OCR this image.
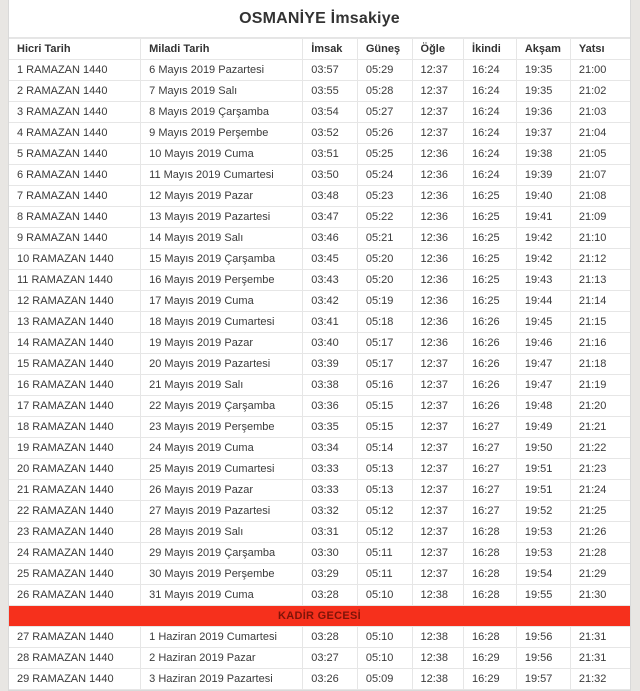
OSMANİYE İmsakiye
Hicri Tarih	Miladi Tarih	İmsak	Güneş	Öğle	İkindi	Akşam	Yatsı
1 RAMAZAN 1440	6 Mayıs 2019 Pazartesi	03:57	05:29	12:37	16:24	19:35	21:00
2 RAMAZAN 1440	7 Mayıs 2019 Salı	03:55	05:28	12:37	16:24	19:35	21:02
3 RAMAZAN 1440	8 Mayıs 2019 Çarşamba	03:54	05:27	12:37	16:24	19:36	21:03
4 RAMAZAN 1440	9 Mayıs 2019 Perşembe	03:52	05:26	12:37	16:24	19:37	21:04
5 RAMAZAN 1440	10 Mayıs 2019 Cuma	03:51	05:25	12:36	16:24	19:38	21:05
6 RAMAZAN 1440	11 Mayıs 2019 Cumartesi	03:50	05:24	12:36	16:24	19:39	21:07
7 RAMAZAN 1440	12 Mayıs 2019 Pazar	03:48	05:23	12:36	16:25	19:40	21:08
8 RAMAZAN 1440	13 Mayıs 2019 Pazartesi	03:47	05:22	12:36	16:25	19:41	21:09
9 RAMAZAN 1440	14 Mayıs 2019 Salı	03:46	05:21	12:36	16:25	19:42	21:10
10 RAMAZAN 1440	15 Mayıs 2019 Çarşamba	03:45	05:20	12:36	16:25	19:42	21:12
11 RAMAZAN 1440	16 Mayıs 2019 Perşembe	03:43	05:20	12:36	16:25	19:43	21:13
12 RAMAZAN 1440	17 Mayıs 2019 Cuma	03:42	05:19	12:36	16:25	19:44	21:14
13 RAMAZAN 1440	18 Mayıs 2019 Cumartesi	03:41	05:18	12:36	16:26	19:45	21:15
14 RAMAZAN 1440	19 Mayıs 2019 Pazar	03:40	05:17	12:36	16:26	19:46	21:16
15 RAMAZAN 1440	20 Mayıs 2019 Pazartesi	03:39	05:17	12:37	16:26	19:47	21:18
16 RAMAZAN 1440	21 Mayıs 2019 Salı	03:38	05:16	12:37	16:26	19:47	21:19
17 RAMAZAN 1440	22 Mayıs 2019 Çarşamba	03:36	05:15	12:37	16:26	19:48	21:20
18 RAMAZAN 1440	23 Mayıs 2019 Perşembe	03:35	05:15	12:37	16:27	19:49	21:21
19 RAMAZAN 1440	24 Mayıs 2019 Cuma	03:34	05:14	12:37	16:27	19:50	21:22
20 RAMAZAN 1440	25 Mayıs 2019 Cumartesi	03:33	05:13	12:37	16:27	19:51	21:23
21 RAMAZAN 1440	26 Mayıs 2019 Pazar	03:33	05:13	12:37	16:27	19:51	21:24
22 RAMAZAN 1440	27 Mayıs 2019 Pazartesi	03:32	05:12	12:37	16:27	19:52	21:25
23 RAMAZAN 1440	28 Mayıs 2019 Salı	03:31	05:12	12:37	16:28	19:53	21:26
24 RAMAZAN 1440	29 Mayıs 2019 Çarşamba	03:30	05:11	12:37	16:28	19:53	21:28
25 RAMAZAN 1440	30 Mayıs 2019 Perşembe	03:29	05:11	12:37	16:28	19:54	21:29
26 RAMAZAN 1440	31 Mayıs 2019 Cuma	03:28	05:10	12:38	16:28	19:55	21:30
KADİR GECESİ							
27 RAMAZAN 1440	1 Haziran 2019 Cumartesi	03:28	05:10	12:38	16:28	19:56	21:31
28 RAMAZAN 1440	2 Haziran 2019 Pazar	03:27	05:10	12:38	16:29	19:56	21:31
29 RAMAZAN 1440	3 Haziran 2019 Pazartesi	03:26	05:09	12:38	16:29	19:57	21:32
